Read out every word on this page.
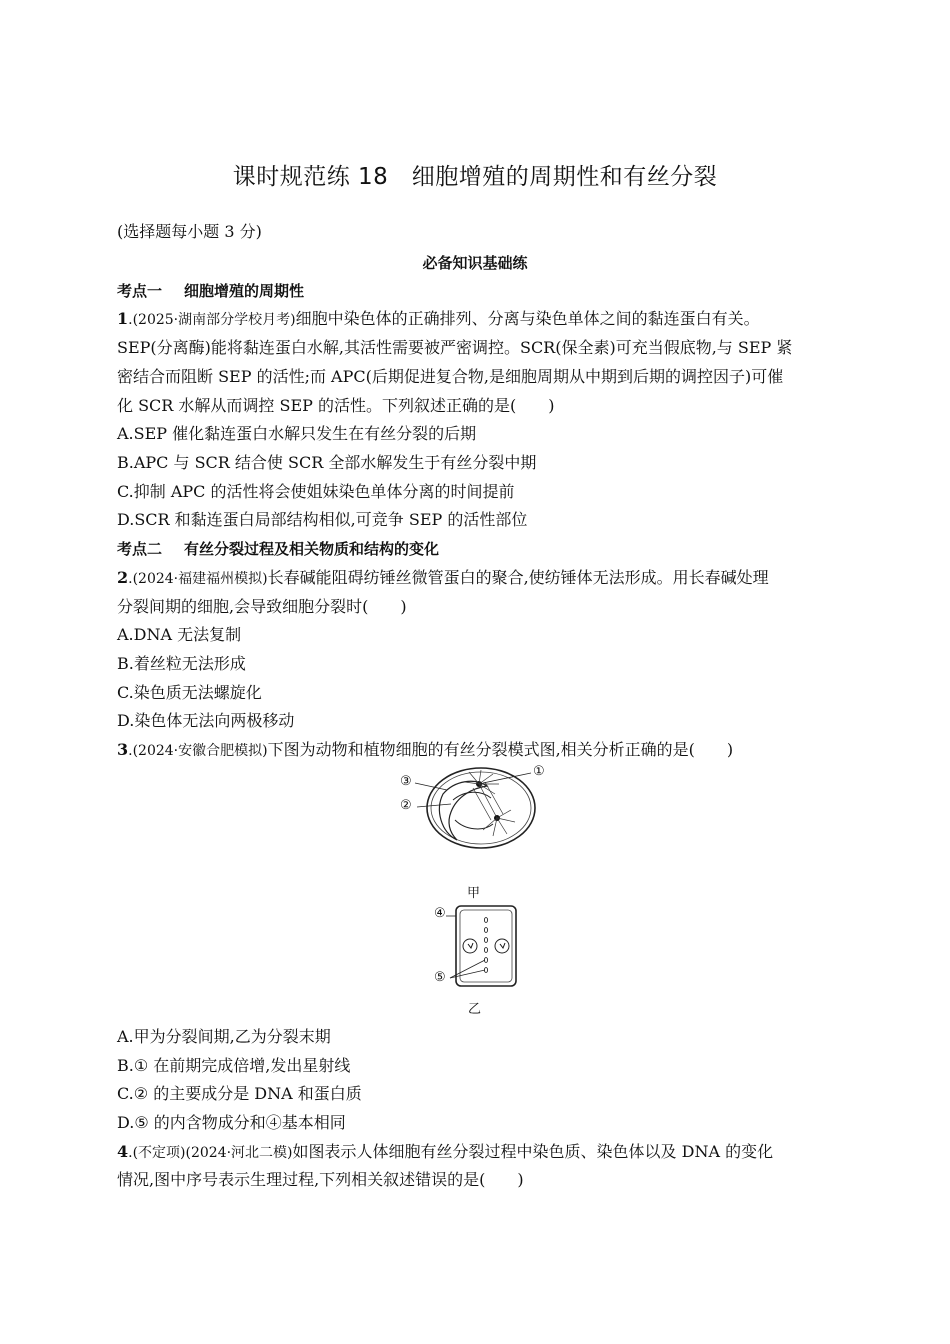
课时规范练 18　细胞增殖的周期性和有丝分裂
(选择题每小题 3 分)
必备知识基础练
考点一 细胞增殖的周期性
1.(2025·湖南部分学校月考)细胞中染色体的正确排列、分离与染色单体之间的黏连蛋白有关。
SEP(分离酶)能将黏连蛋白水解,其活性需要被严密调控。SCR(保全素)可充当假底物,与 SEP 紧
密结合而阻断 SEP 的活性;而 APC(后期促进复合物,是细胞周期从中期到后期的调控因子)可催
化 SCR 水解从而调控 SEP 的活性。下列叙述正确的是(　　)
A.SEP 催化黏连蛋白水解只发生在有丝分裂的后期
B.APC 与 SCR 结合使 SCR 全部水解发生于有丝分裂中期
C.抑制 APC 的活性将会使姐妹染色单体分离的时间提前
D.SCR 和黏连蛋白局部结构相似,可竞争 SEP 的活性部位
考点二 有丝分裂过程及相关物质和结构的变化
2.(2024·福建福州模拟)长春碱能阻碍纺锤丝微管蛋白的聚合,使纺锤体无法形成。用长春碱处理
分裂间期的细胞,会导致细胞分裂时(　　)
A.DNA 无法复制
B.着丝粒无法形成
C.染色质无法螺旋化
D.染色体无法向两极移动
3.(2024·安徽合肥模拟)下图为动物和植物细胞的有丝分裂模式图,相关分析正确的是(　　)
③
②
①
甲
④
⑤
乙
A.甲为分裂间期,乙为分裂末期
B.① 在前期完成倍增,发出星射线
C.② 的主要成分是 DNA 和蛋白质
D.⑤ 的内含物成分和④基本相同
4.(不定项)(2024·河北二模)如图表示人体细胞有丝分裂过程中染色质、染色体以及 DNA 的变化
情况,图中序号表示生理过程,下列相关叙述错误的是(　　)
